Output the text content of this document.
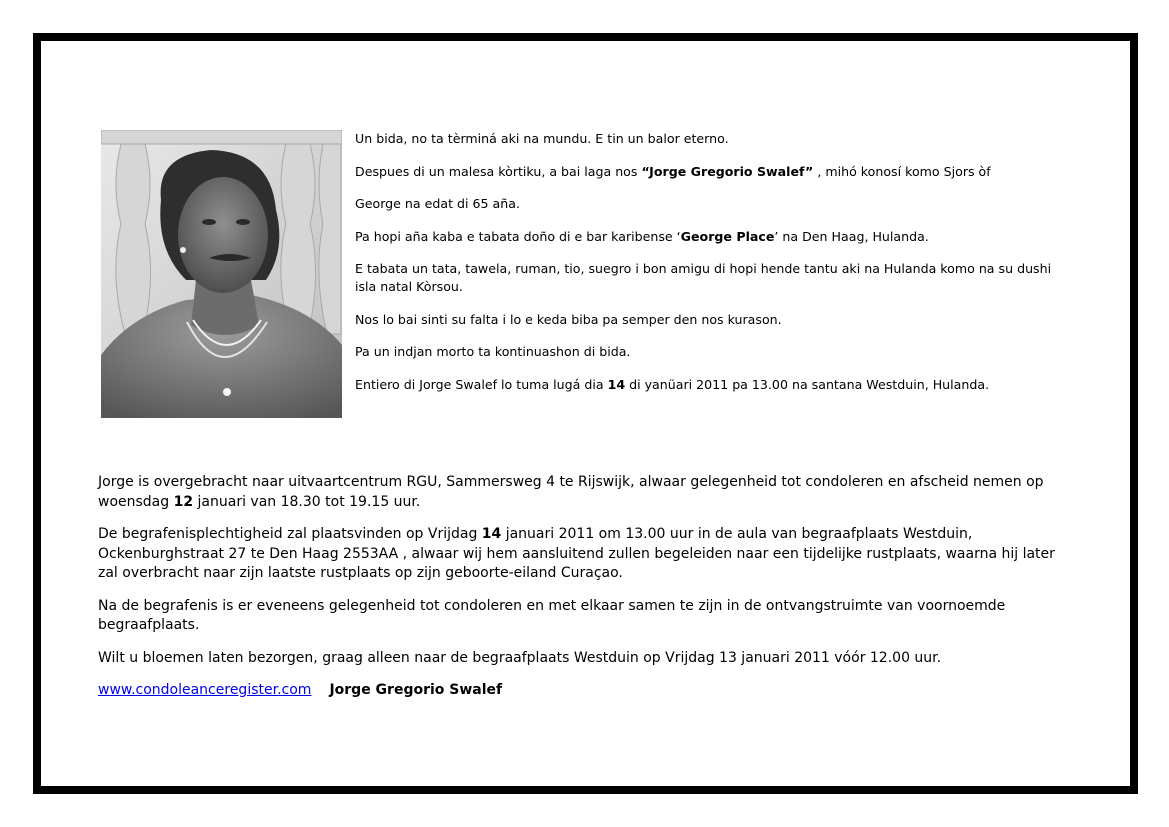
Un bida, no ta tèrminá aki na mundu. E tin un balor eterno.

Despues di un malesa kòrtiku, a bai laga nos “Jorge Gregorio Swalef” , mihó konosí komo Sjors òf

George na edat di 65 aña.

Pa hopi aña kaba e tabata doño di e bar karibense ‘George Place’ na Den Haag, Hulanda.

E tabata un tata, tawela, ruman, tio, suegro i bon amigu di hopi hende tantu aki na Hulanda komo na su dushi isla natal Kòrsou.

Nos lo bai sinti su falta i lo e keda biba pa semper den nos kurason.

Pa un indjan morto ta kontinuashon di bida.

Entiero di Jorge Swalef lo tuma lugá dia 14 di yanüari 2011 pa 13.00 na santana Westduin, Hulanda.

Jorge is overgebracht naar uitvaartcentrum RGU, Sammersweg 4 te Rijswijk, alwaar gelegenheid tot condoleren en afscheid nemen op woensdag 12 januari van 18.30 tot 19.15 uur.

De begrafenisplechtigheid zal plaatsvinden op Vrijdag 14 januari 2011 om 13.00 uur in de aula van begraafplaats Westduin, Ockenburghstraat 27 te Den Haag 2553AA , alwaar wij hem aansluitend zullen begeleiden naar een tijdelijke rustplaats, waarna hij later zal overbracht naar zijn laatste rustplaats op zijn geboorte-eiland Curaçao.

Na de begrafenis is er eveneens gelegenheid tot condoleren en met elkaar samen te zijn in de ontvangstruimte van voornoemde begraafplaats.

Wilt u bloemen laten bezorgen, graag alleen naar de begraafplaats Westduin op Vrijdag 13 januari 2011 vóór 12.00 uur.

www.condoleanceregister.com Jorge Gregorio Swalef
